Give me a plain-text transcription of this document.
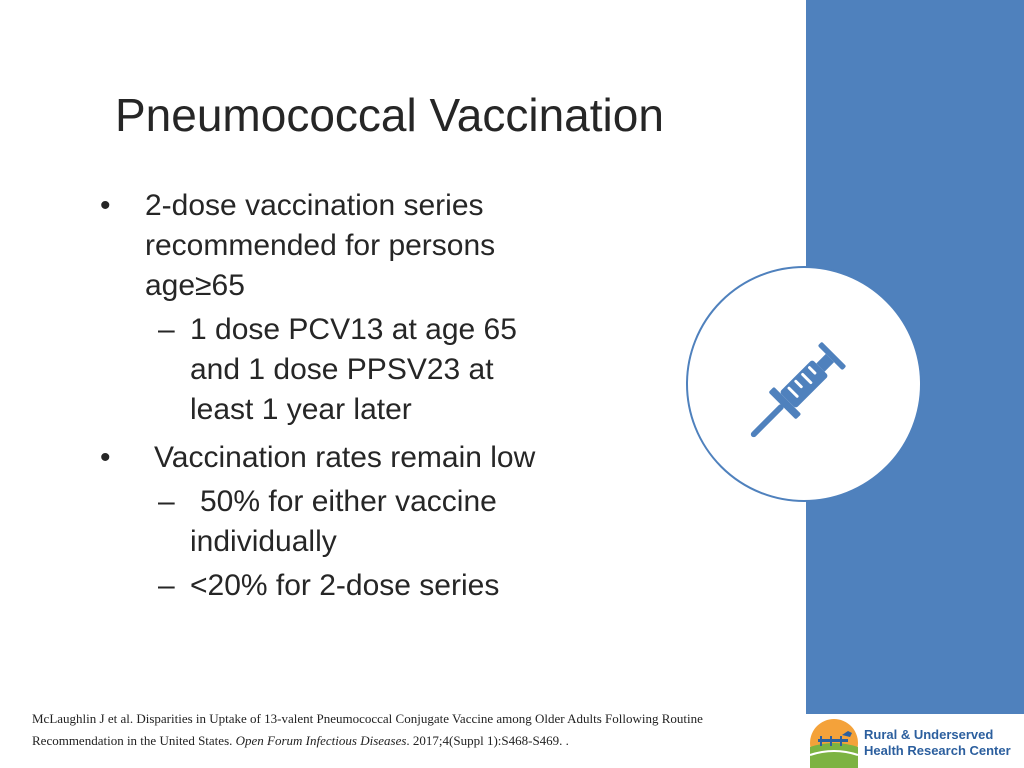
Pneumococcal Vaccination
•	2-dose vaccination series recommended for persons age≥65
– 1 dose PCV13 at age 65 and 1 dose PPSV23 at least 1 year later
•	Vaccination rates remain low
– 50% for either vaccine individually
– <20% for 2-dose series
McLaughlin J et al. Disparities in Uptake of 13-valent Pneumococcal Conjugate Vaccine among Older Adults Following Routine Recommendation in the United States. Open Forum Infectious Diseases. 2017;4(Suppl 1):S468-S469. .	Rural & Underserved
Health Research Center
